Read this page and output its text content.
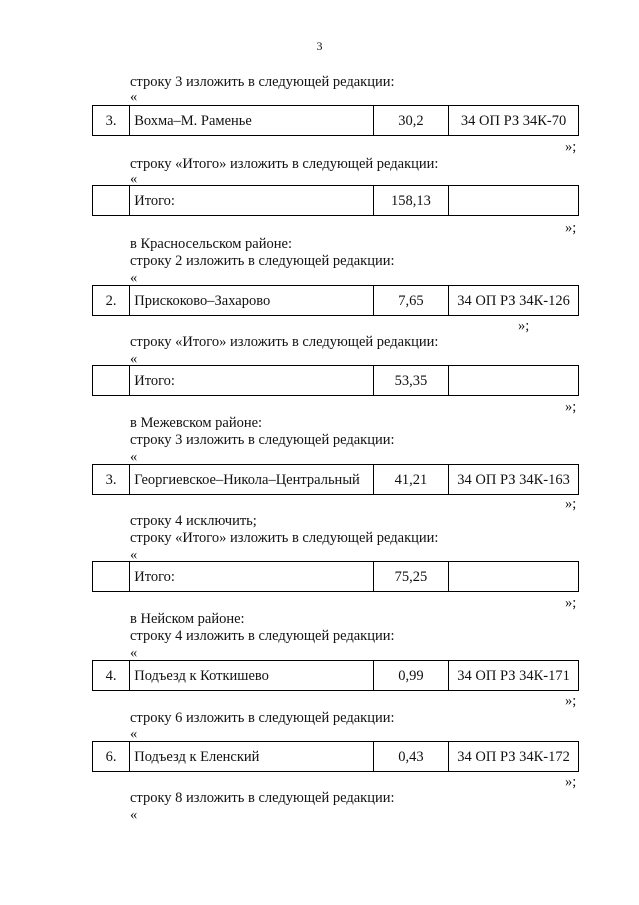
3
строку 3 изложить в следующей редакции:
«
3.	Вохма–М. Раменье	30,2	34 ОП РЗ 34К-70
»;
строку «Итого» изложить в следующей редакции:
«
	Итого:	158,13	
»;
в Красносельском районе:
строку 2 изложить в следующей редакции:
«
2.	Прискоково–Захарово	7,65	34 ОП РЗ 34К-126
»;
строку «Итого» изложить в следующей редакции:
«
	Итого:	53,35	
»;
в Межевском районе:
строку 3 изложить в следующей редакции:
«
3.	Георгиевское–Никола–Центральный	41,21	34 ОП РЗ 34К-163
»;
строку 4 исключить;
строку «Итого» изложить в следующей редакции:
«
	Итого:	75,25	
»;
в Нейском районе:
строку 4 изложить в следующей редакции:
«
4.	Подъезд к Коткишево	0,99	34 ОП РЗ 34К-171
»;
строку 6 изложить в следующей редакции:
«
6.	Подъезд к Еленский	0,43	34 ОП РЗ 34К-172
»;
строку 8 изложить в следующей редакции:
«
